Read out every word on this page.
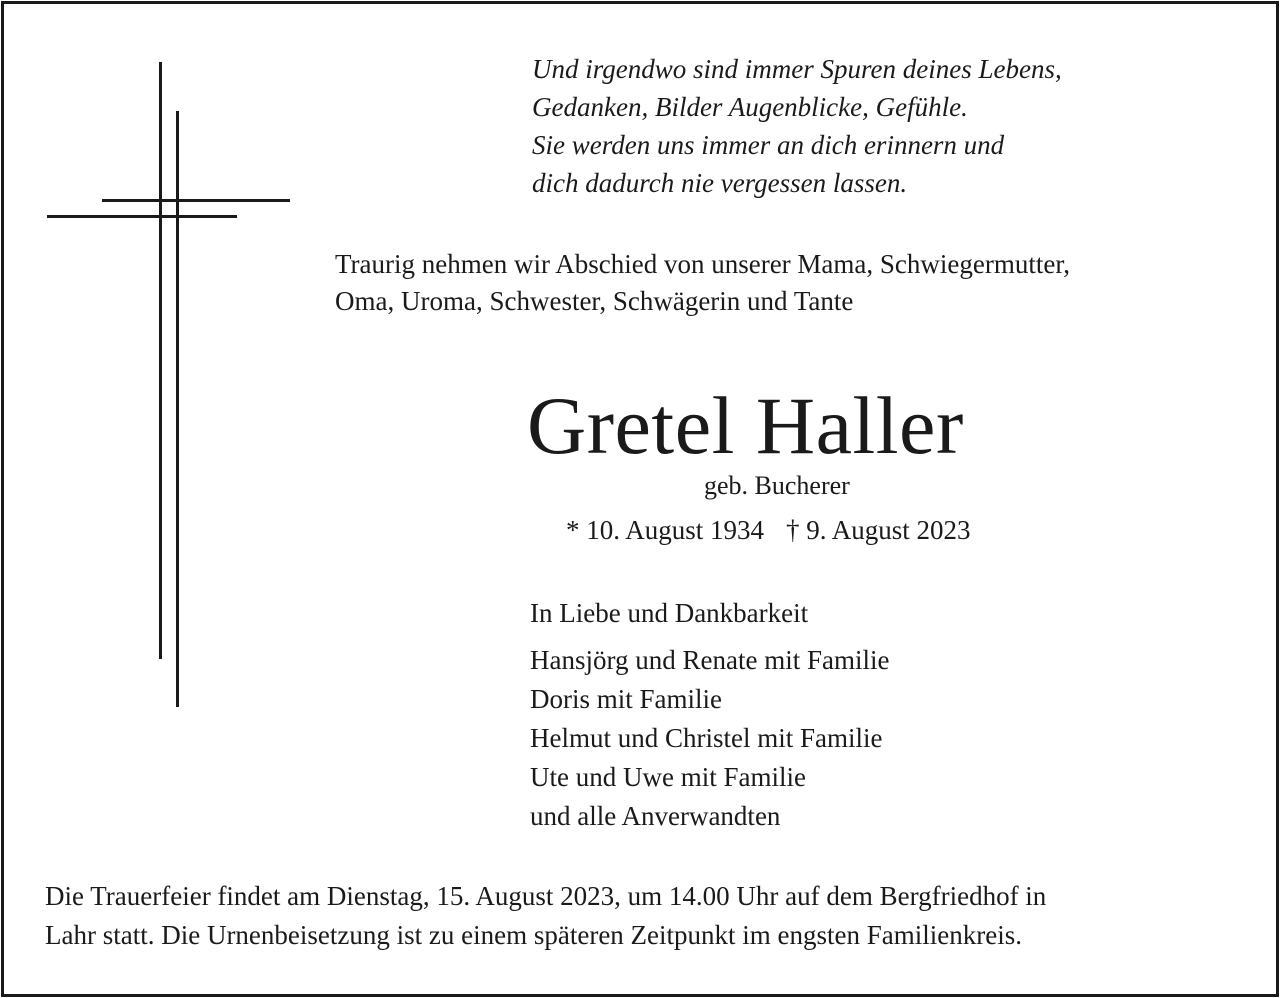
Und irgendwo sind immer Spuren deines Lebens,
Gedanken, Bilder Augenblicke, Gefühle.
Sie werden uns immer an dich erinnern und
dich dadurch nie vergessen lassen.
Traurig nehmen wir Abschied von unserer Mama, Schwiegermutter,
Oma, Uroma, Schwester, Schwägerin und Tante
Gretel Haller
geb. Bucherer
* 10. August 1934 † 9. August 2023
In Liebe und Dankbarkeit
Hansjörg und Renate mit Familie
Doris mit Familie
Helmut und Christel mit Familie
Ute und Uwe mit Familie
und alle Anverwandten
Die Trauerfeier findet am Dienstag, 15. August 2023, um 14.00 Uhr auf dem Bergfriedhof in
Lahr statt. Die Urnenbeisetzung ist zu einem späteren Zeitpunkt im engsten Familienkreis.
